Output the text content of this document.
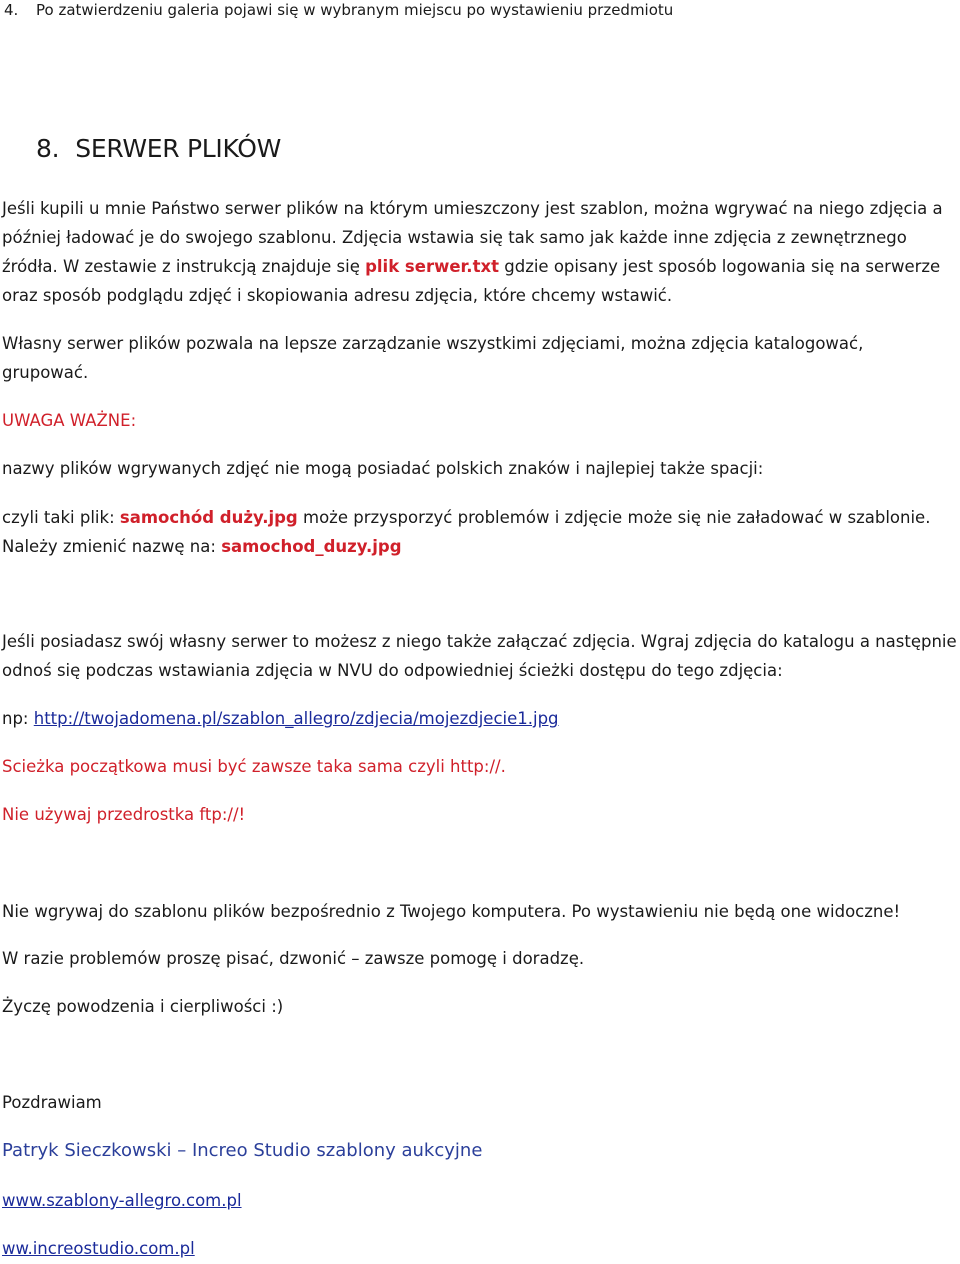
4. Po zatwierdzeniu galeria pojawi się w wybranym miejscu po wystawieniu przedmiotu
8. SERWER PLIKÓW
Jeśli kupili u mnie Państwo serwer plików na którym umieszczony jest szablon, można wgrywać na niego zdjęcia a
później ładować je do swojego szablonu. Zdjęcia wstawia się tak samo jak każde inne zdjęcia z zewnętrznego
źródła. W zestawie z instrukcją znajduje się plik serwer.txt gdzie opisany jest sposób logowania się na serwerze
oraz sposób podglądu zdjęć i skopiowania adresu zdjęcia, które chcemy wstawić.
Własny serwer plików pozwala na lepsze zarządzanie wszystkimi zdjęciami, można zdjęcia katalogować,
grupować.
UWAGA WAŻNE:
nazwy plików wgrywanych zdjęć nie mogą posiadać polskich znaków i najlepiej także spacji:
czyli taki plik: samochód duży.jpg może przysporzyć problemów i zdjęcie może się nie załadować w szablonie.
Należy zmienić nazwę na: samochod_duzy.jpg
Jeśli posiadasz swój własny serwer to możesz z niego także załączać zdjęcia. Wgraj zdjęcia do katalogu a następnie
odnoś się podczas wstawiania zdjęcia w NVU do odpowiedniej ścieżki dostępu do tego zdjęcia:
np: http://twojadomena.pl/szablon_allegro/zdjecia/mojezdjecie1.jpg
Scieżka początkowa musi być zawsze taka sama czyli http://.
Nie używaj przedrostka ftp://!
Nie wgrywaj do szablonu plików bezpośrednio z Twojego komputera. Po wystawieniu nie będą one widoczne!
W razie problemów proszę pisać, dzwonić – zawsze pomogę i doradzę.
Życzę powodzenia i cierpliwości :)
Pozdrawiam
Patryk Sieczkowski – Increo Studio szablony aukcyjne
www.szablony-allegro.com.pl
ww.increostudio.com.pl
